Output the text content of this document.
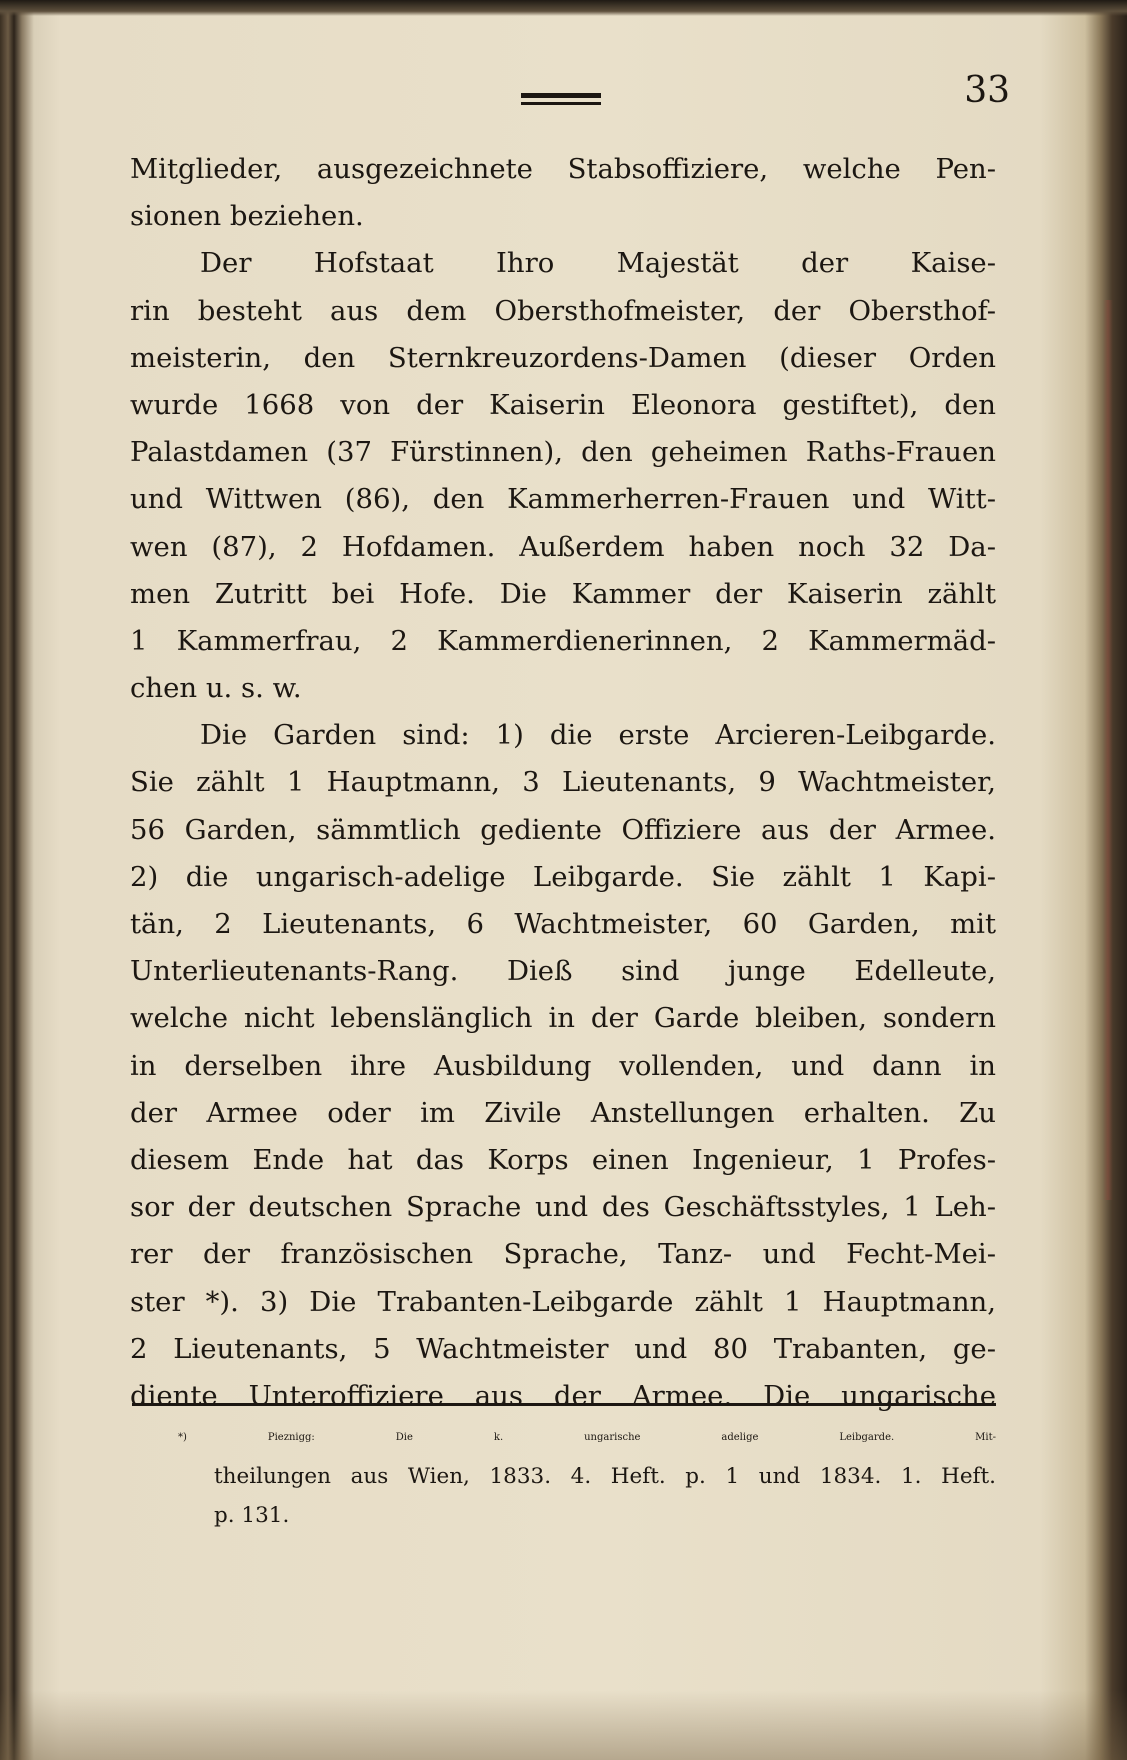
33
Mitglieder, ausgezeichnete Stabsoffiziere, welche Pen-
sionen beziehen.
Der Hofstaat Ihro Majestät der Kaise-
rin besteht aus dem Obersthofmeister, der Obersthof-
meisterin, den Sternkreuzordens-Damen (dieser Orden
wurde 1668 von der Kaiserin Eleonora gestiftet), den
Palastdamen (37 Fürstinnen), den geheimen Raths-Frauen
und Wittwen (86), den Kammerherren-Frauen und Witt-
wen (87), 2 Hofdamen. Außerdem haben noch 32 Da-
men Zutritt bei Hofe. Die Kammer der Kaiserin zählt
1 Kammerfrau, 2 Kammerdienerinnen, 2 Kammermäd-
chen u. s. w.
Die Garden sind: 1) die erste Arcieren-Leibgarde.
Sie zählt 1 Hauptmann, 3 Lieutenants, 9 Wachtmeister,
56 Garden, sämmtlich gediente Offiziere aus der Armee.
2) die ungarisch-adelige Leibgarde. Sie zählt 1 Kapi-
tän, 2 Lieutenants, 6 Wachtmeister, 60 Garden, mit
Unterlieutenants-Rang. Dieß sind junge Edelleute,
welche nicht lebenslänglich in der Garde bleiben, sondern
in derselben ihre Ausbildung vollenden, und dann in
der Armee oder im Zivile Anstellungen erhalten. Zu
diesem Ende hat das Korps einen Ingenieur, 1 Profes-
sor der deutschen Sprache und des Geschäftsstyles, 1 Leh-
rer der französischen Sprache, Tanz- und Fecht-Mei-
ster *). 3) Die Trabanten-Leibgarde zählt 1 Hauptmann,
2 Lieutenants, 5 Wachtmeister und 80 Trabanten, ge-
diente Unteroffiziere aus der Armee. Die ungarische
*) Pieznigg: Die k. ungarische adelige Leibgarde. Mit-
theilungen aus Wien, 1833. 4. Heft. p. 1 und 1834. 1. Heft.
p. 131.
